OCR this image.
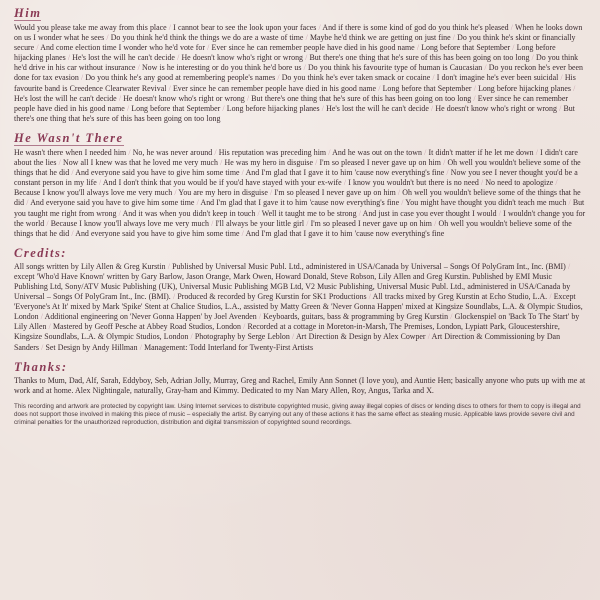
Him

Would you please take me away from this place / I cannot bear to see the look upon your faces / And if there is some kind of god do you think he's pleased / When he looks down on us I wonder what he sees / Do you think he'd think the things we do are a waste of time / Maybe he'd think we are getting on just fine / Do you think he's skint or financially secure / And come election time I wonder who he'd vote for / Ever since he can remember people have died in his good name / Long before that September / Long before hijacking planes / He's lost the will he can't decide / He doesn't know who's right or wrong / But there's one thing that he's sure of this has been going on too long / Do you think he'd drive in his car without insurance / Now is he interesting or do you think he'd bore us / Do you think his favourite type of human is Caucasian / Do you reckon he's ever been done for tax evasion / Do you think he's any good at remembering people's names / Do you think he's ever taken smack or cocaine / I don't imagine he's ever been suicidal / His favourite band is Creedence Clearwater Revival / Ever since he can remember people have died in his good name / Long before that September / Long before hijacking planes / He's lost the will he can't decide / He doesn't know who's right or wrong / But there's one thing that he's sure of this has been going on too long / Ever since he can remember people have died in his good name / Long before that September / Long before hijacking planes / He's lost the will he can't decide / He doesn't know who's right or wrong / But there's one thing that he's sure of this has been going on too long

He Wasn't There

He wasn't there when I needed him / No, he was never around / His reputation was preceding him / And he was out on the town / It didn't matter if he let me down / I didn't care about the lies / Now all I knew was that he loved me very much / He was my hero in disguise / I'm so pleased I never gave up on him / Oh well you wouldn't believe some of the things that he did / And everyone said you have to give him some time / And I'm glad that I gave it to him 'cause now everything's fine / Now you see I never thought you'd be a constant person in my life / And I don't think that you would be if you'd have stayed with your ex-wife / I know you wouldn't but there is no need / No need to apologize / Because I know you'll always love me very much / You are my hero in disguise / I'm so pleased I never gave up on him / Oh well you wouldn't believe some of the things that he did / And everyone said you have to give him some time / And I'm glad that I gave it to him 'cause now everything's fine / You might have thought you didn't teach me much / But you taught me right from wrong / And it was when you didn't keep in touch / Well it taught me to be strong / And just in case you ever thought I would / I wouldn't change you for the world / Because I know you'll always love me very much / I'll always be your little girl / I'm so pleased I never gave up on him / Oh well you wouldn't believe some of the things that he did / And everyone said you have to give him some time / And I'm glad that I gave it to him 'cause now everything's fine

Credits:

All songs written by Lily Allen & Greg Kurstin / Published by Universal Music Publ. Ltd., administered in USA/Canada by Universal – Songs Of PolyGram Int., Inc. (BMI) / except 'Who'd Have Known' written by Gary Barlow, Jason Orange, Mark Owen, Howard Donald, Steve Robson, Lily Allen and Greg Kurstin. Published by EMI Music Publishing Ltd, Sony/ATV Music Publishing (UK), Universal Music Publishing MGB Ltd, V2 Music Publishing, Universal Music Publ. Ltd., administered in USA/Canada by Universal – Songs Of PolyGram Int., Inc. (BMI). / Produced & recorded by Greg Kurstin for SK1 Productions / All tracks mixed by Greg Kurstin at Echo Studio, L.A. / Except 'Everyone's At It' mixed by Mark 'Spike' Stent at Chalice Studios, L.A., assisted by Matty Green & 'Never Gonna Happen' mixed at Kingsize Soundlabs, L.A. & Olympic Studios, London / Additional engineering on 'Never Gonna Happen' by Joel Avenden / Keyboards, guitars, bass & programming by Greg Kurstin / Glockenspiel on 'Back To The Start' by Lily Allen / Mastered by Geoff Pesche at Abbey Road Studios, London / Recorded at a cottage in Moreton-in-Marsh, The Premises, London, Lypiatt Park, Gloucestershire, Kingsize Soundlabs, L.A. & Olympic Studios, London / Photography by Serge Leblon / Art Direction & Design by Alex Cowper / Art Direction & Commissioning by Dan Sanders / Set Design by Andy Hillman / Management: Todd Interland for Twenty-First Artists

Thanks:

Thanks to Mum, Dad, Alf, Sarah, Eddyboy, Seb, Adrian Jolly, Murray, Greg and Rachel, Emily Ann Sonnet (I love you), and Auntie Hen; basically anyone who puts up with me at work and at home. Alex Nightingale, naturally, Gray-ham and Kimmy. Dedicated to my Nan Mary Allen, Roy, Angus, Tarka and X.

This recording and artwork are protected by copyright law. Using Internet services to distribute copyrighted music, giving away illegal copies of discs or lending discs to others for them to copy is illegal and does not support those involved in making this piece of music – especially the artist. By carrying out any of these actions it has the same effect as stealing music. Applicable laws provide severe civil and criminal penalties for the unauthorized reproduction, distribution and digital transmission of copyrighted sound recordings.
